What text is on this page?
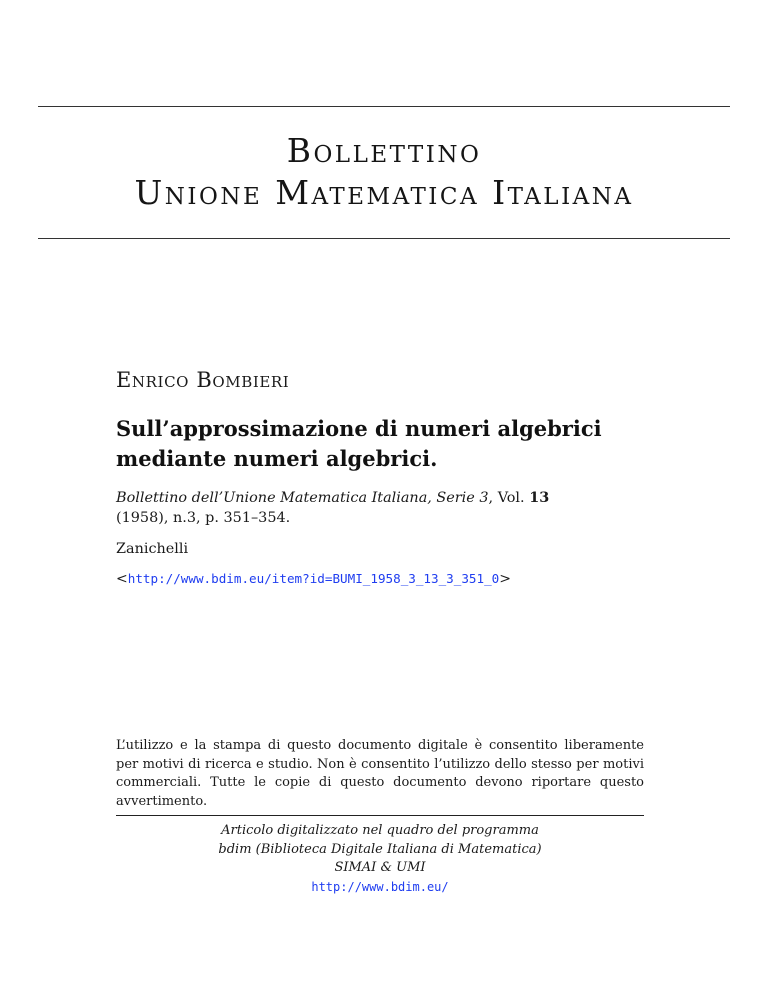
Bollettino
Unione Matematica Italiana
Enrico Bombieri
Sull’approssimazione di numeri algebrici mediante numeri algebrici.
Bollettino dell’Unione Matematica Italiana, Serie 3, Vol. 13
(1958), n.3, p. 351–354.
Zanichelli
<http://www.bdim.eu/item?id=BUMI_1958_3_13_3_351_0>
L’utilizzo e la stampa di questo documento digitale è consentito liberamente per motivi di ricerca e studio. Non è consentito l’utilizzo dello stesso per motivi commerciali. Tutte le copie di questo documento devono riportare questo avvertimento.
Articolo digitalizzato nel quadro del programma
bdim (Biblioteca Digitale Italiana di Matematica)
SIMAI & UMI
http://www.bdim.eu/
